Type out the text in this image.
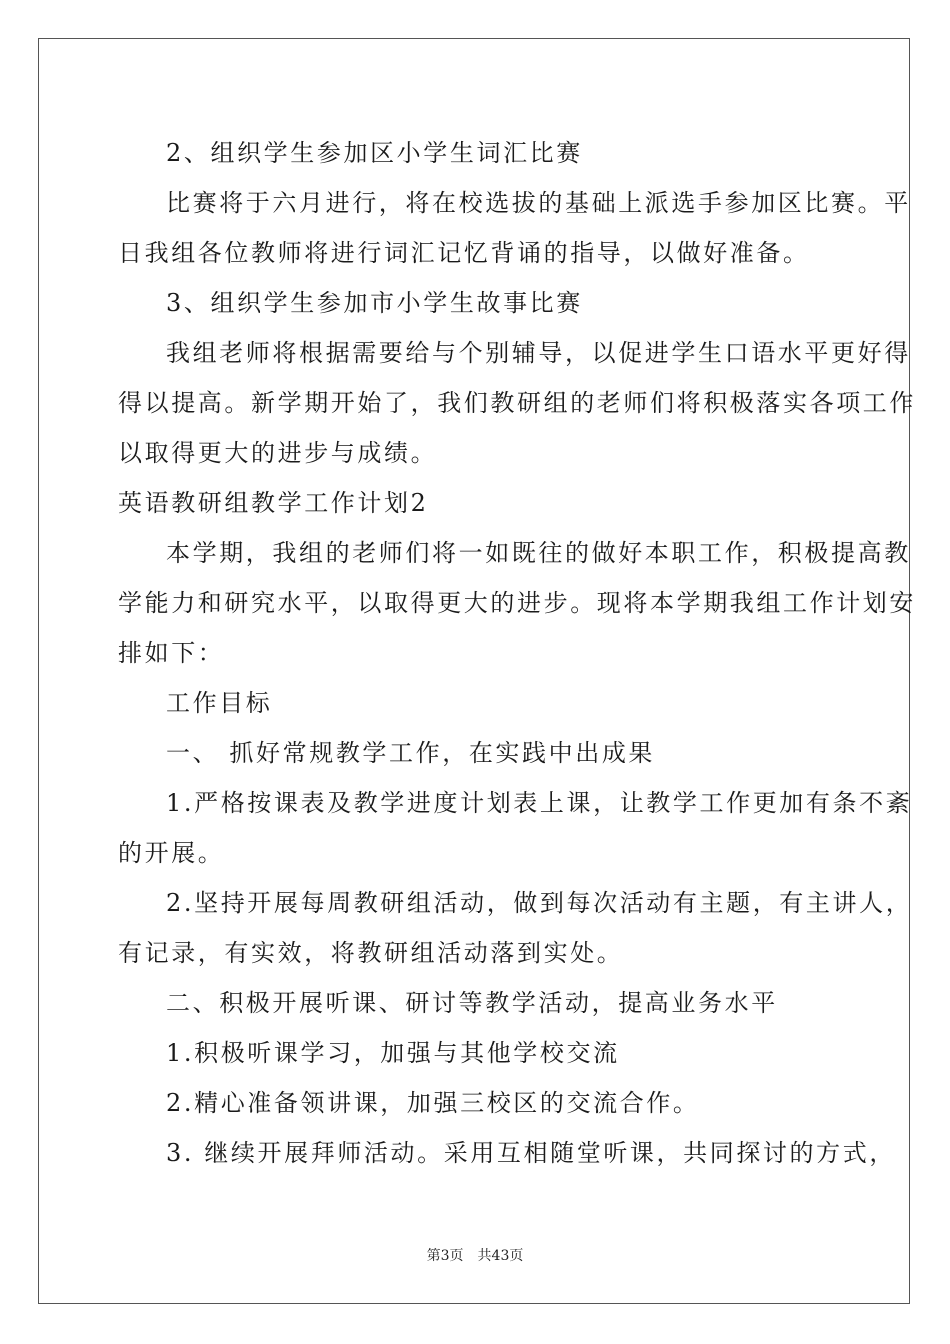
2、组织学生参加区小学生词汇比赛
比赛将于六月进行，将在校选拔的基础上派选手参加区比赛。平
日我组各位教师将进行词汇记忆背诵的指导，以做好准备。
3、组织学生参加市小学生故事比赛
我组老师将根据需要给与个别辅导，以促进学生口语水平更好得
得以提高。新学期开始了，我们教研组的老师们将积极落实各项工作
以取得更大的进步与成绩。
英语教研组教学工作计划2
本学期，我组的老师们将一如既往的做好本职工作，积极提高教
学能力和研究水平，以取得更大的进步。现将本学期我组工作计划安
排如下：
工作目标
一、 抓好常规教学工作，在实践中出成果
1.严格按课表及教学进度计划表上课，让教学工作更加有条不紊
的开展。
2.坚持开展每周教研组活动，做到每次活动有主题，有主讲人，
有记录，有实效，将教研组活动落到实处。
二、积极开展听课、研讨等教学活动，提高业务水平
1.积极听课学习，加强与其他学校交流
2.精心准备领讲课，加强三校区的交流合作。
3. 继续开展拜师活动。采用互相随堂听课，共同探讨的方式，
第3页　共43页
